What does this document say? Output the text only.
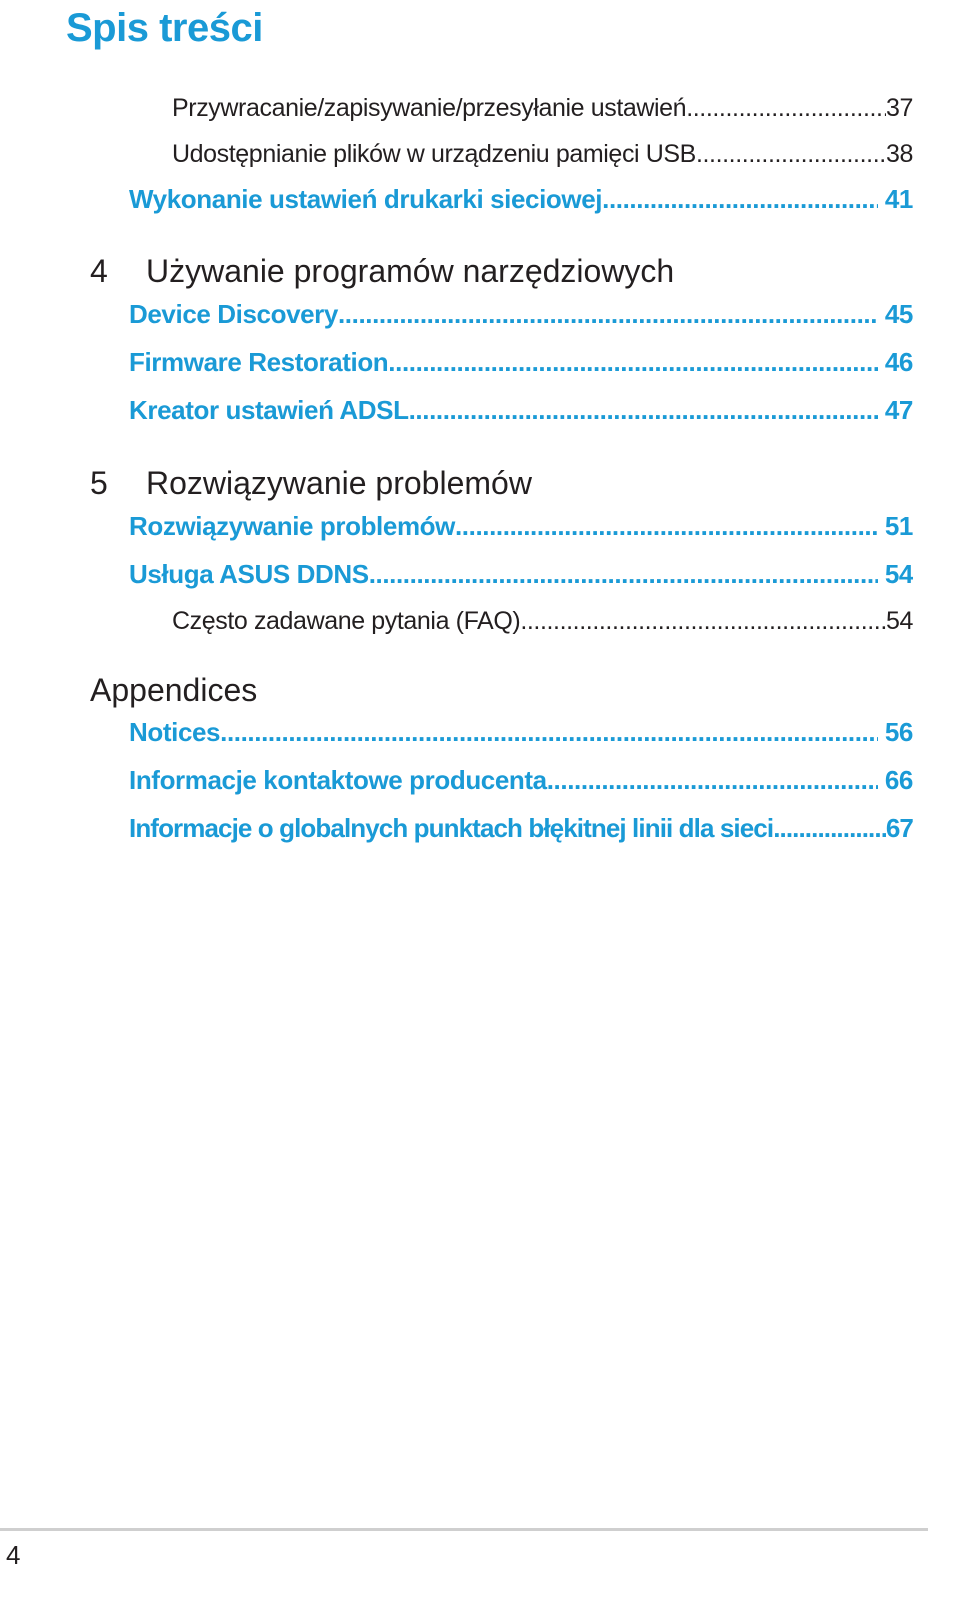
Spis treści
Przywracanie/zapisywanie/przesyłanie ustawień .....	37
Udostępnianie plików w urządzeniu pamięci USB .....	38
Wykonanie ustawień drukarki sieciowej .....	41
4 Używanie programów narzędziowych
Device Discovery .....	45
Firmware Restoration .....	46
Kreator ustawień ADSL .....	47
5 Rozwiązywanie problemów
Rozwiązywanie problemów .....	51
Usługa ASUS DDNS .....	54
Często zadawane pytania (FAQ) .....	54
Appendices
Notices .....	56
Informacje kontaktowe producenta .....	66
Informacje o globalnych punktach błękitnej linii dla sieci .....	67
4
